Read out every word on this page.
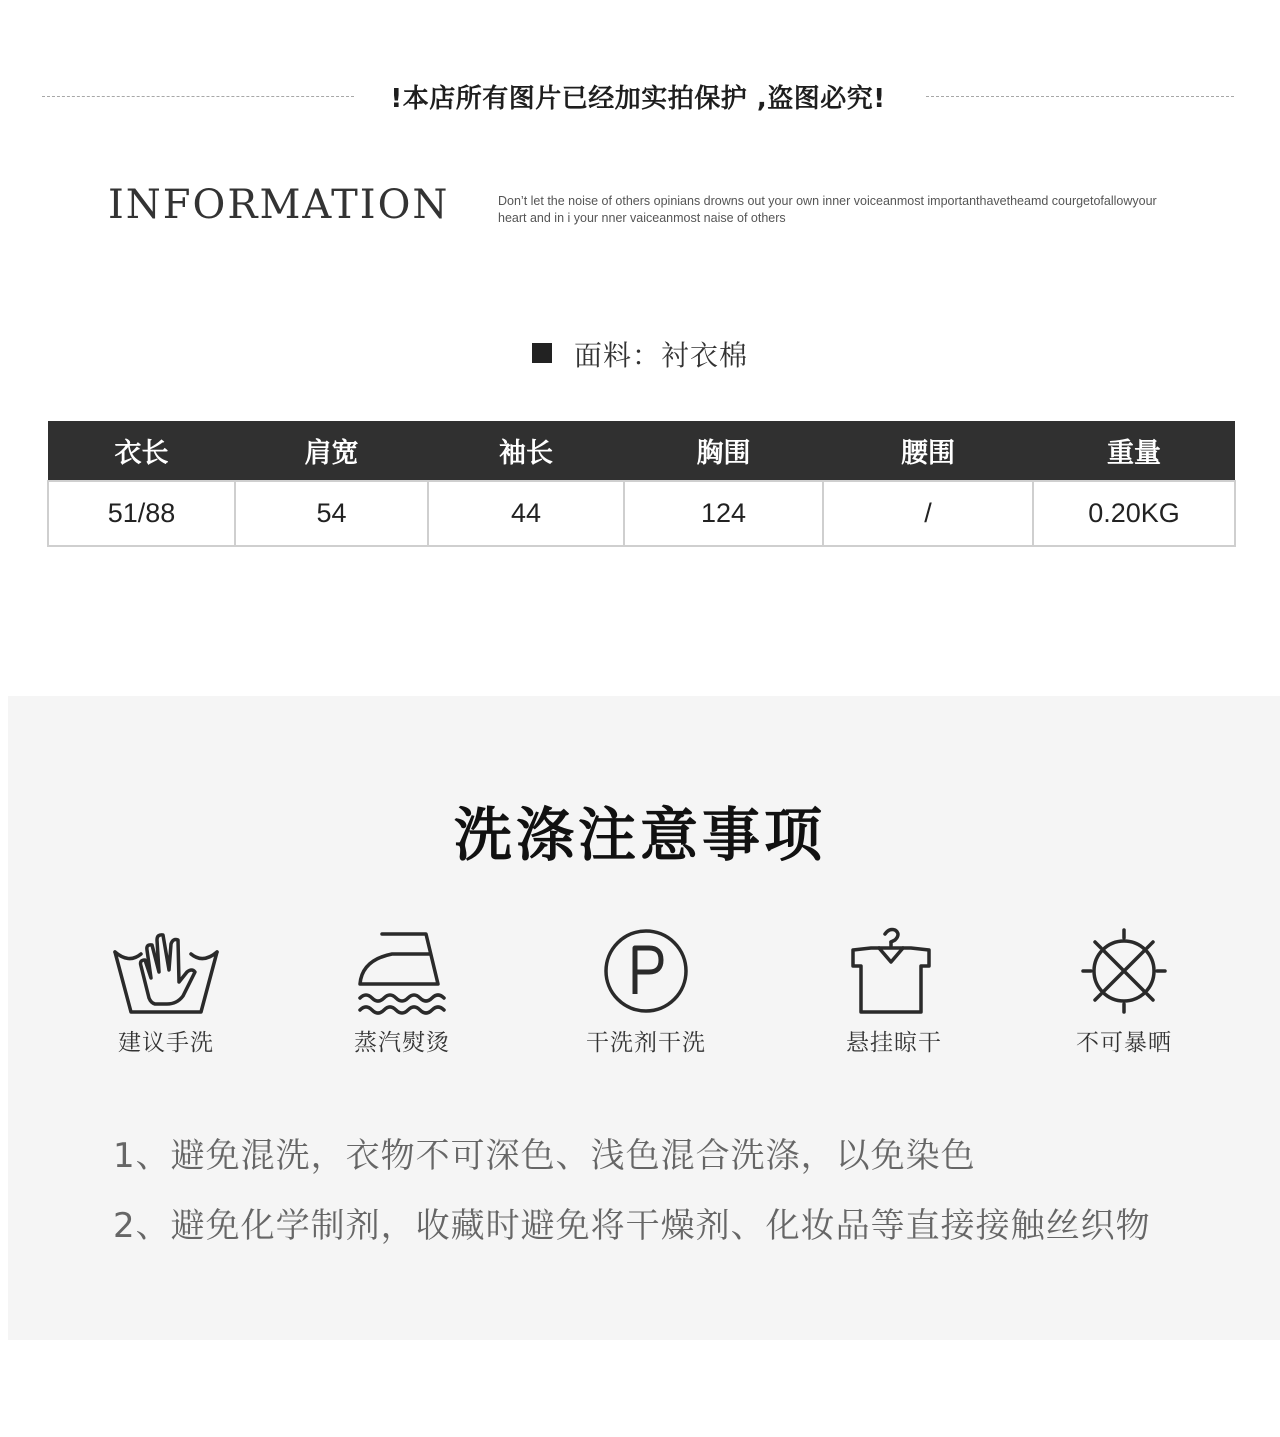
!本店所有图片已经加实拍保护 ,盗图必究!
INFORMATION	Don’t let the noise of others opinians drowns out your own inner voiceanmost importanthavetheamd courgetofallowyour heart and in i your nner vaiceanmost naise of others
面料：衬衣棉
衣长	肩宽	袖长	胸围	腰围	重量
51/88	54	44	124	/	0.20KG
洗涤注意事项
建议手洗	蒸汽熨烫	干洗剂干洗	悬挂晾干	不可暴晒
1、避免混洗，衣物不可深色、浅色混合洗涤，以免染色
2、避免化学制剂，收藏时避免将干燥剂、化妆品等直接接触丝织物
